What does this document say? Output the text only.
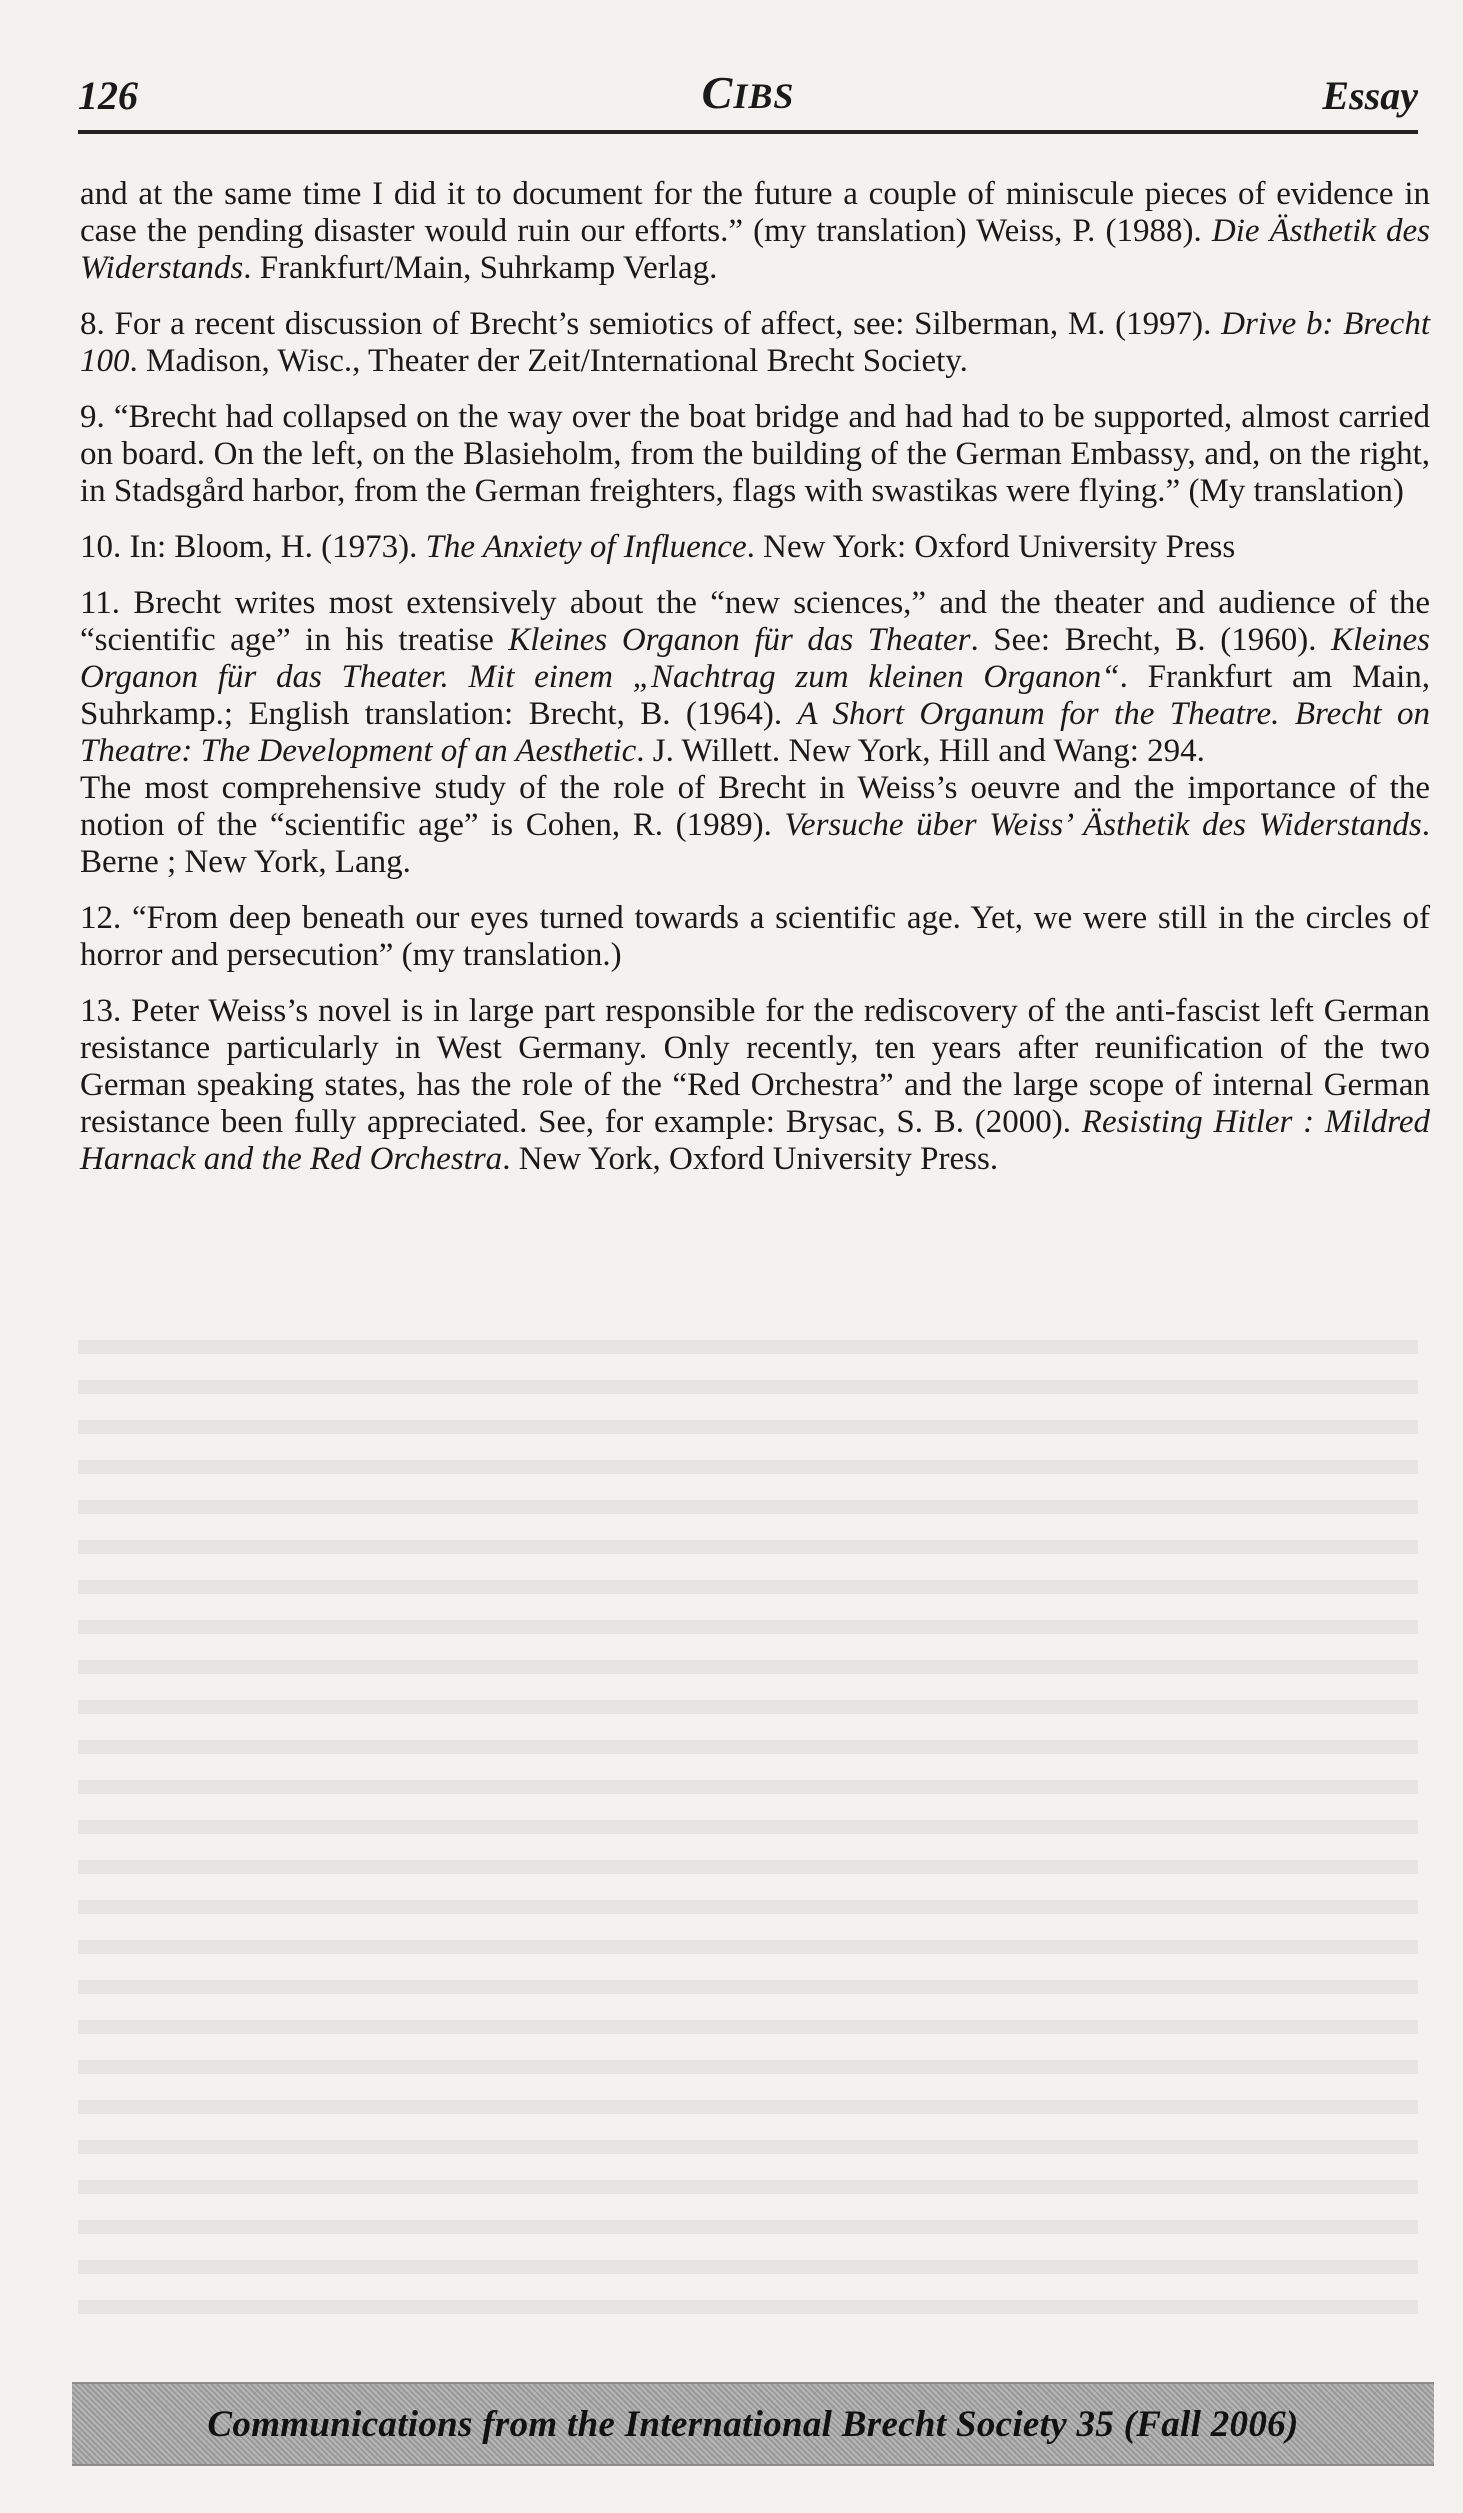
126	CIBS	Essay

and at the same time I did it to document for the future a couple of miniscule pieces of evidence in case the pending disaster would ruin our efforts.” (my translation) Weiss, P. (1988). Die Ästhetik des Widerstands. Frankfurt/Main, Suhrkamp Verlag.

8. For a recent discussion of Brecht’s semiotics of affect, see: Silberman, M. (1997). Drive b: Brecht 100. Madison, Wisc., Theater der Zeit/International Brecht Society.

9. “Brecht had collapsed on the way over the boat bridge and had had to be supported, almost carried on board. On the left, on the Blasieholm, from the building of the German Embassy, and, on the right, in Stadsgård harbor, from the German freighters, flags with swastikas were flying.” (My translation)

10. In: Bloom, H. (1973). The Anxiety of Influence. New York: Oxford University Press

11. Brecht writes most extensively about the “new sciences,” and the theater and audience of the “scientific age” in his treatise Kleines Organon für das Theater. See: Brecht, B. (1960). Kleines Organon für das Theater. Mit einem „Nachtrag zum kleinen Organon“. Frankfurt am Main, Suhrkamp.; English translation: Brecht, B. (1964). A Short Organum for the Theatre. Brecht on Theatre: The Development of an Aesthetic. J. Willett. New York, Hill and Wang: 294.

The most comprehensive study of the role of Brecht in Weiss’s oeuvre and the importance of the notion of the “scientific age” is Cohen, R. (1989). Versuche über Weiss’ Ästhetik des Widerstands. Berne ; New York, Lang.

12. “From deep beneath our eyes turned towards a scientific age. Yet, we were still in the circles of horror and persecution” (my translation.)

13. Peter Weiss’s novel is in large part responsible for the rediscovery of the anti-fascist left German resistance particularly in West Germany. Only recently, ten years after reunification of the two German speaking states, has the role of the “Red Orchestra” and the large scope of internal German resistance been fully appreciated. See, for example: Brysac, S. B. (2000). Resisting Hitler : Mildred Harnack and the Red Orchestra. New York, Oxford University Press.

Communications from the International Brecht Society 35 (Fall 2006)
